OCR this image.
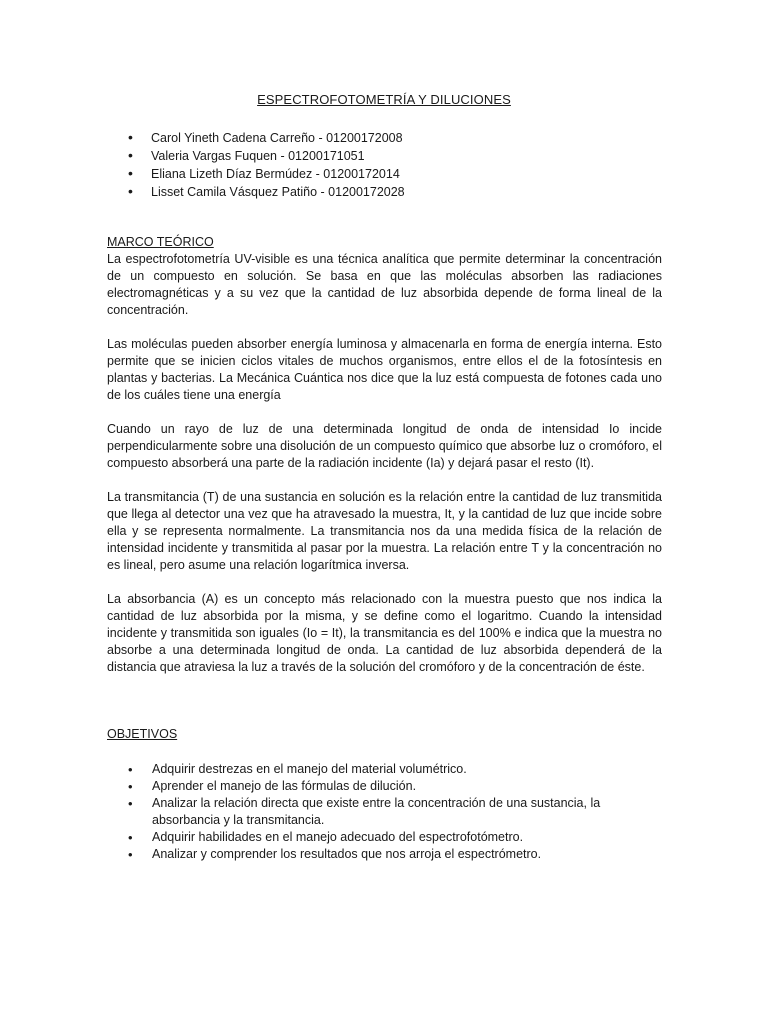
ESPECTROFOTOMETRÍA Y DILUCIONES
• Carol Yineth Cadena Carreño - 01200172008
• Valeria Vargas Fuquen - 01200171051
• Eliana Lizeth Díaz Bermúdez - 01200172014
• Lisset Camila Vásquez Patiño - 01200172028
MARCO TEÓRICO

La espectrofotometría UV-visible es una técnica analítica que permite determinar la concentración de un compuesto en solución. Se basa en que las moléculas absorben las radiaciones electromagnéticas y a su vez que la cantidad de luz absorbida depende de forma lineal de la concentración.

Las moléculas pueden absorber energía luminosa y almacenarla en forma de energía interna. Esto permite que se inicien ciclos vitales de muchos organismos, entre ellos el de la fotosíntesis en plantas y bacterias. La Mecánica Cuántica nos dice que la luz está compuesta de fotones cada uno de los cuáles tiene una energía

Cuando un rayo de luz de una determinada longitud de onda de intensidad Io incide perpendicularmente sobre una disolución de un compuesto químico que absorbe luz o cromóforo, el compuesto absorberá una parte de la radiación incidente (Ia) y dejará pasar el resto (It).

La transmitancia (T) de una sustancia en solución es la relación entre la cantidad de luz transmitida que llega al detector una vez que ha atravesado la muestra, It, y la cantidad de luz que incide sobre ella y se representa normalmente. La transmitancia nos da una medida física de la relación de intensidad incidente y transmitida al pasar por la muestra. La relación entre T y la concentración no es lineal, pero asume una relación logarítmica inversa.

La absorbancia (A) es un concepto más relacionado con la muestra puesto que nos indica la cantidad de luz absorbida por la misma, y se define como el logaritmo. Cuando la intensidad incidente y transmitida son iguales (Io = It), la transmitancia es del 100% e indica que la muestra no absorbe a una determinada longitud de onda. La cantidad de luz absorbida dependerá de la distancia que atraviesa la luz a través de la solución del cromóforo y de la concentración de éste.

OBJETIVOS
• Adquirir destrezas en el manejo del material volumétrico.
• Aprender el manejo de las fórmulas de dilución.
• Analizar la relación directa que existe entre la concentración de una sustancia, la absorbancia y la transmitancia.
• Adquirir habilidades en el manejo adecuado del espectrofotómetro.
• Analizar y comprender los resultados que nos arroja el espectrómetro.
